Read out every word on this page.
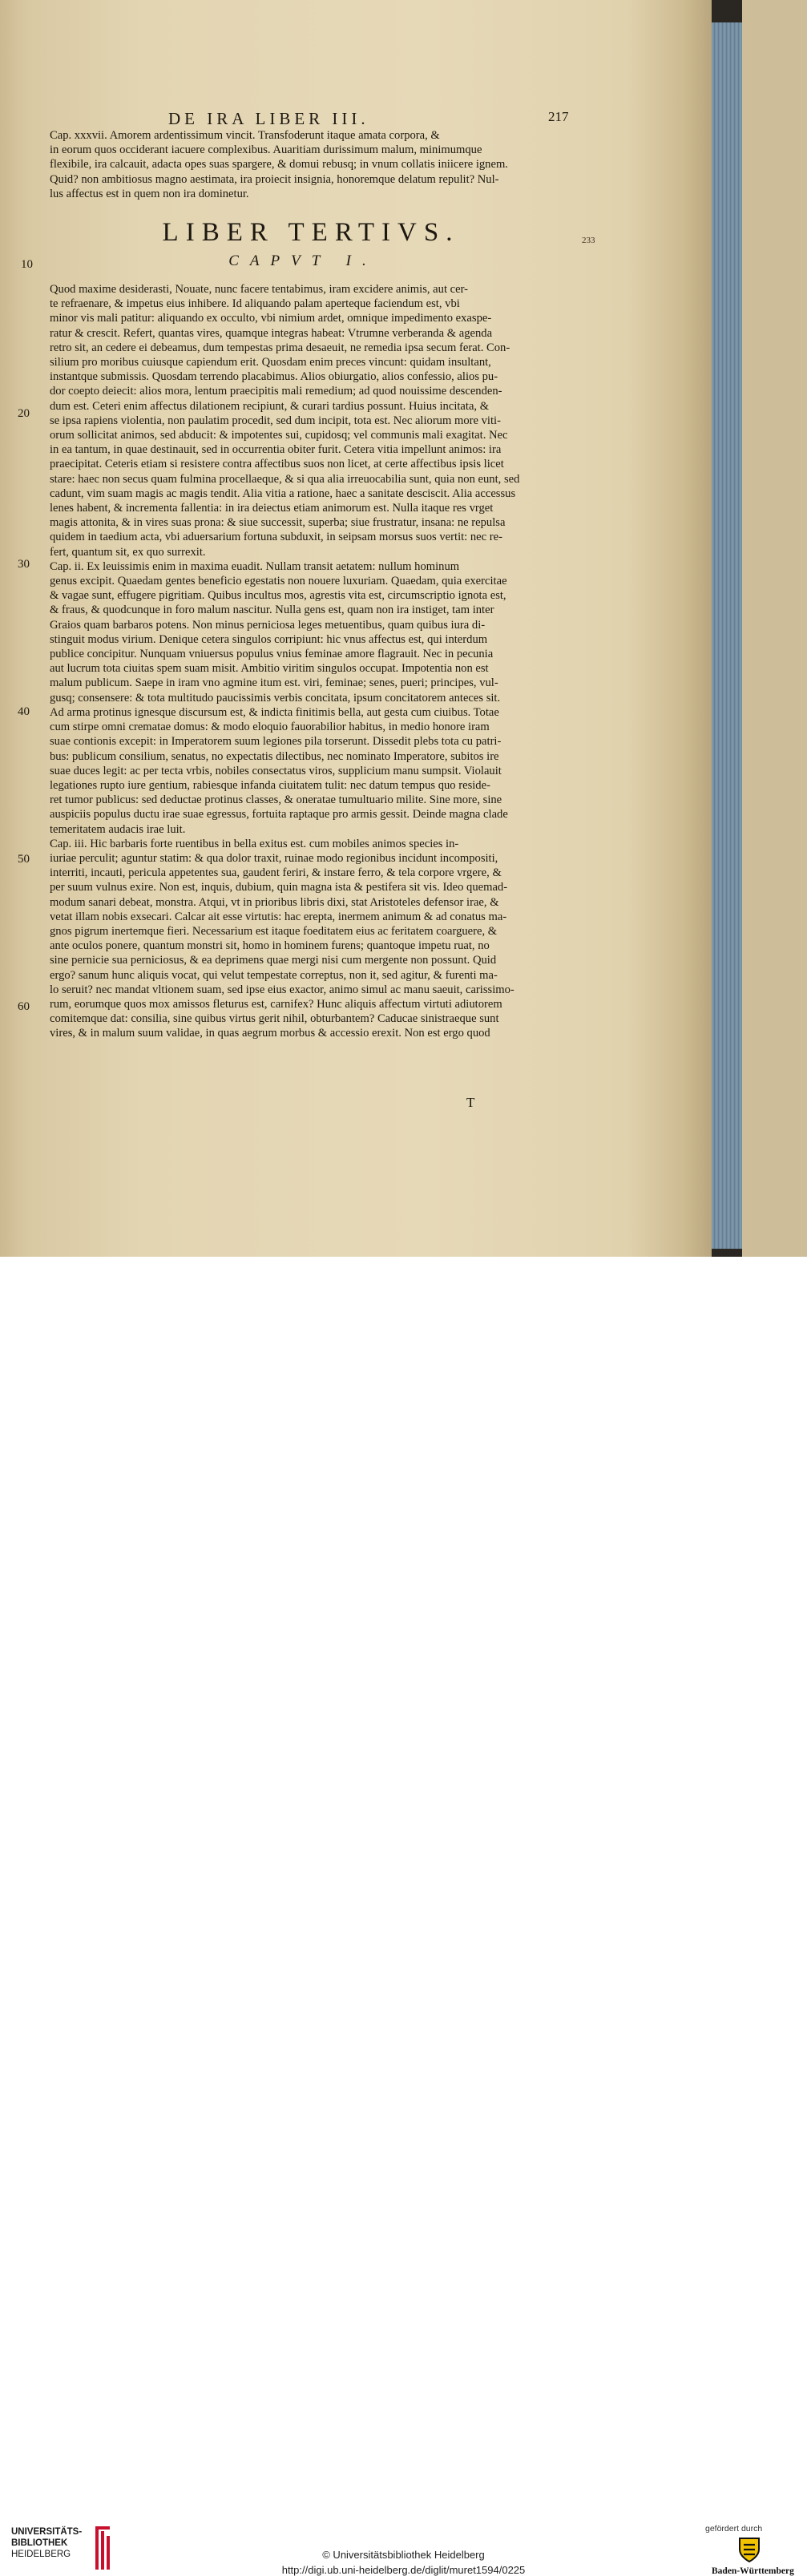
DE IRA LIBER III.	217

Cap. xxxvii. Amorem ardentissimum vincit. Transfoderunt itaque amata corpora, &

in eorum quos occiderant iacuere complexibus. Auaritiam durissimum malum, minimumque

flexibile, ira calcauit, adacta opes suas spargere, & domui rebusq; in vnum collatis iniicere ignem.

Quid? non ambitiosus magno aestimata, ira proiecit insignia, honoremque delatum repulit? Nul-

lus affectus est in quem non ira dominetur.

LIBER TERTIVS.
CAPVT I.
233

Quod maxime desiderasti, Nouate, nunc facere tentabimus, iram excidere animis, aut cer-

te refraenare, & impetus eius inhibere. Id aliquando palam aperteque faciendum est, vbi

minor vis mali patitur: aliquando ex occulto, vbi nimium ardet, omnique impedimento exaspe-

ratur & crescit. Refert, quantas vires, quamque integras habeat: Vtrumne verberanda & agenda

retro sit, an cedere ei debeamus, dum tempestas prima desaeuit, ne remedia ipsa secum ferat. Con-

silium pro moribus cuiusque capiendum erit. Quosdam enim preces vincunt: quidam insultant,

instantque submissis. Quosdam terrendo placabimus. Alios obiurgatio, alios confessio, alios pu-

dor coepto deiecit: alios mora, lentum praecipitis mali remedium; ad quod nouissime descenden-

dum est. Ceteri enim affectus dilationem recipiunt, & curari tardius possunt. Huius incitata, &

se ipsa rapiens violentia, non paulatim procedit, sed dum incipit, tota est. Nec aliorum more viti-

orum sollicitat animos, sed abducit: & impotentes sui, cupidosq; vel communis mali exagitat. Nec

in ea tantum, in quae destinauit, sed in occurrentia obiter furit. Cetera vitia impellunt animos: ira

praecipitat. Ceteris etiam si resistere contra affectibus suos non licet, at certe affectibus ipsis licet

stare: haec non secus quam fulmina procellaeque, & si qua alia irreuocabilia sunt, quia non eunt, sed

cadunt, vim suam magis ac magis tendit. Alia vitia a ratione, haec a sanitate desciscit. Alia accessus

lenes habent, & incrementa fallentia: in ira deiectus etiam animorum est. Nulla itaque res vrget

magis attonita, & in vires suas prona: & siue successit, superba; siue frustratur, insana: ne repulsa

quidem in taedium acta, vbi aduersarium fortuna subduxit, in seipsam morsus suos vertit: nec re-

fert, quantum sit, ex quo surrexit.

Cap. ii. Ex leuissimis enim in maxima euadit. Nullam transit aetatem: nullum hominum

genus excipit. Quaedam gentes beneficio egestatis non nouere luxuriam. Quaedam, quia exercitae

& vagae sunt, effugere pigritiam. Quibus incultus mos, agrestis vita est, circumscriptio ignota est,

& fraus, & quodcunque in foro malum nascitur. Nulla gens est, quam non ira instiget, tam inter

Graios quam barbaros potens. Non minus perniciosa leges metuentibus, quam quibus iura di-

stinguit modus virium. Denique cetera singulos corripiunt: hic vnus affectus est, qui interdum

publice concipitur. Nunquam vniuersus populus vnius feminae amore flagrauit. Nec in pecunia

aut lucrum tota ciuitas spem suam misit. Ambitio viritim singulos occupat. Impotentia non est

malum publicum. Saepe in iram vno agmine itum est. viri, feminae; senes, pueri; principes, vul-

gusq; consensere: & tota multitudo paucissimis verbis concitata, ipsum concitatorem anteces sit.

Ad arma protinus ignesque discursum est, & indicta finitimis bella, aut gesta cum ciuibus. Totae

cum stirpe omni crematae domus: & modo eloquio fauorabilior habitus, in medio honore iram

suae contionis excepit: in Imperatorem suum legiones pila torserunt. Dissedit plebs tota cu patri-

bus: publicum consilium, senatus, no expectatis dilectibus, nec nominato Imperatore, subitos ire

suae duces legit: ac per tecta vrbis, nobiles consectatus viros, supplicium manu sumpsit. Violauit

legationes rupto iure gentium, rabiesque infanda ciuitatem tulit: nec datum tempus quo reside-

ret tumor publicus: sed deductae protinus classes, & oneratae tumultuario milite. Sine more, sine

auspiciis populus ductu irae suae egressus, fortuita raptaque pro armis gessit. Deinde magna clade

temeritatem audacis irae luit.

Cap. iii. Hic barbaris forte ruentibus in bella exitus est. cum mobiles animos species in-

iuriae perculit; aguntur statim: & qua dolor traxit, ruinae modo regionibus incidunt incompositi,

interriti, incauti, pericula appetentes sua, gaudent feriri, & instare ferro, & tela corpore vrgere, &

per suum vulnus exire. Non est, inquis, dubium, quin magna ista & pestifera sit vis. Ideo quemad-

modum sanari debeat, monstra. Atqui, vt in prioribus libris dixi, stat Aristoteles defensor irae, &

vetat illam nobis exsecari. Calcar ait esse virtutis: hac erepta, inermem animum & ad conatus ma-

gnos pigrum inertemque fieri. Necessarium est itaque foeditatem eius ac feritatem coarguere, &

ante oculos ponere, quantum monstri sit, homo in hominem furens; quantoque impetu ruat, no

sine pernicie sua perniciosus, & ea deprimens quae mergi nisi cum mergente non possunt. Quid

ergo? sanum hunc aliquis vocat, qui velut tempestate correptus, non it, sed agitur, & furenti ma-

lo seruit? nec mandat vltionem suam, sed ipse eius exactor, animo simul ac manu saeuit, carissimo-

rum, eorumque quos mox amissos fleturus est, carnifex? Hunc aliquis affectum virtuti adiutorem

comitemque dat: consilia, sine quibus virtus gerit nihil, obturbantem? Caducae sinistraeque sunt

vires, & in malum suum validae, in quas aegrum morbus & accessio erexit. Non est ergo quod

10
20
30
40
50
60
T
UNIVERSITÄTS-
BIBLIOTHEK
HEIDELBERG	© Universitätsbibliothek Heidelberg
http://digi.ub.uni-heidelberg.de/diglit/muret1594/0225
gefördert durch
Baden-Württemberg
